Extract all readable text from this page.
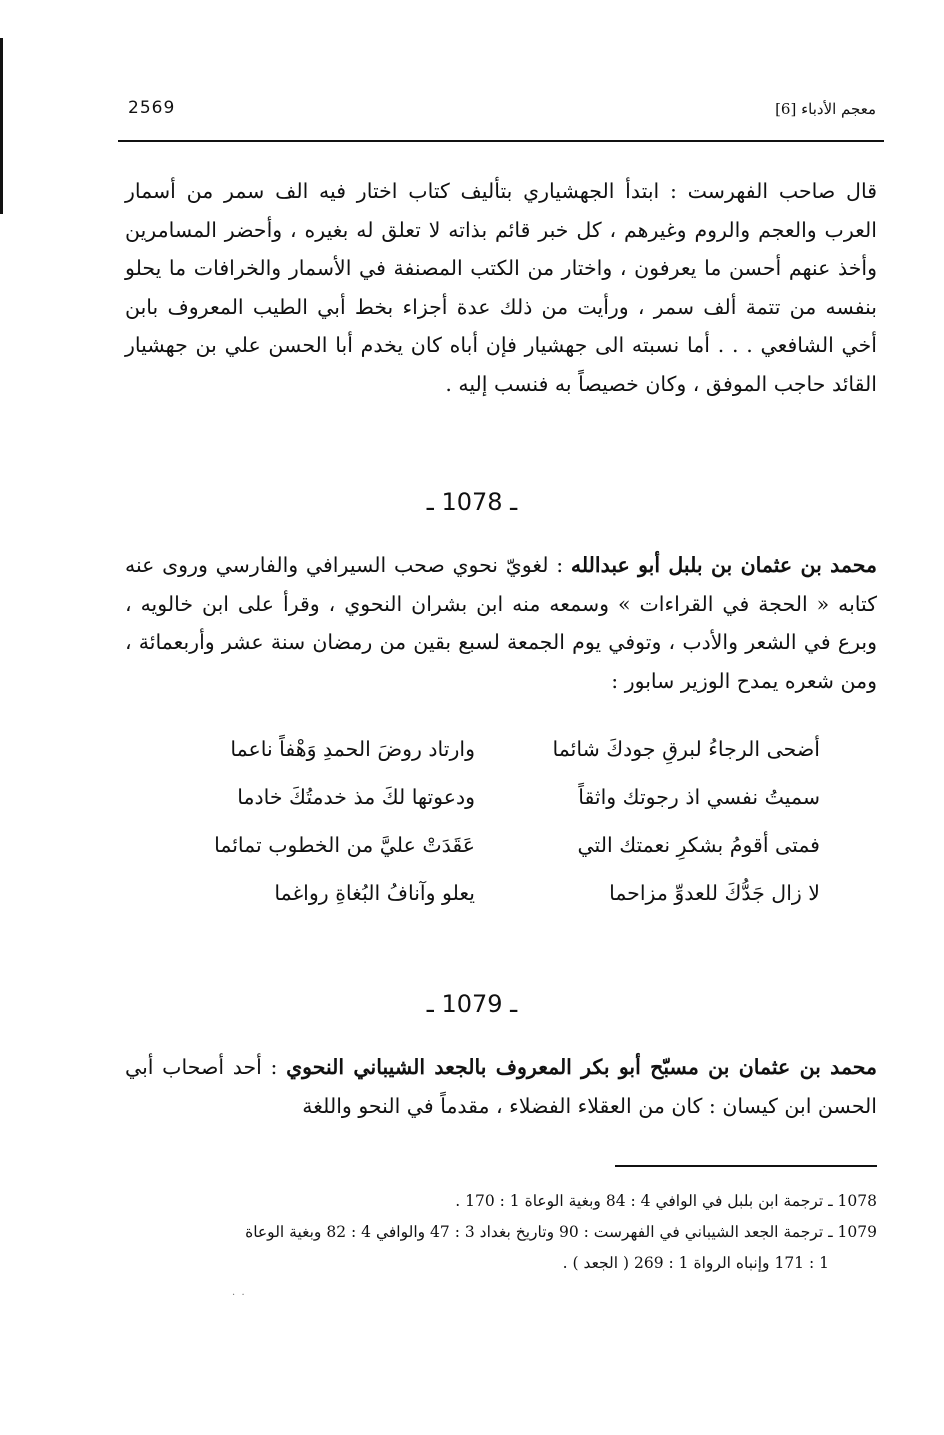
2569	معجم الأدباء [6]

قال صاحب الفهرست : ابتدأ الجهشياري بتأليف كتاب اختار فيه الف سمر من أسمار العرب والعجم والروم وغيرهم ، كل خبر قائم بذاته لا تعلق له بغيره ، وأحضر المسامرين وأخذ عنهم أحسن ما يعرفون ، واختار من الكتب المصنفة في الأسمار والخرافات ما يحلو بنفسه من تتمة ألف سمر ، ورأيت من ذلك عدة أجزاء بخط أبي الطيب المعروف بابن أخي الشافعي . . . أما نسبته الى جهشيار فإن أباه كان يخدم أبا الحسن علي بن جهشيار القائد حاجب الموفق ، وكان خصيصاً به فنسب إليه .

ـ 1078 ـ

محمد بن عثمان بن بلبل أبو عبدالله : لغويّ نحوي صحب السيرافي والفارسي وروى عنه كتابه « الحجة في القراءات » وسمعه منه ابن بشران النحوي ، وقرأ على ابن خالويه ، وبرع في الشعر والأدب ، وتوفي يوم الجمعة لسبع بقين من رمضان سنة عشر وأربعمائة ، ومن شعره يمدح الوزير سابور :

أضحى الرجاءُ لبرقِ جودكَ شائما
وارتاد روضَ الحمدِ وَهْفاً ناعما
سميتُ نفسي اذ رجوتك واثقاً
ودعوتها لكَ مذ خدمتُكَ خادما
فمتى أقومُ بشكرِ نعمتك التي
عَقَدَتْ عليَّ من الخطوب تمائما
لا زال جَدُّكَ للعدوِّ مزاحما
يعلو وآنافُ البُغاةِ رواغما
ـ 1079 ـ

محمد بن عثمان بن مسبّح أبو بكر المعروف بالجعد الشيباني النحوي : أحد أصحاب أبي الحسن ابن كيسان : كان من العقلاء الفضلاء ، مقدماً في النحو واللغة

1078 ـ ترجمة ابن بلبل في الوافي 4 : 84 وبغية الوعاة 1 : 170 .
1079 ـ ترجمة الجعد الشيباني في الفهرست : 90 وتاريخ بغداد 3 : 47 والوافي 4 : 82 وبغية الوعاة
1 : 171 وإنباه الرواة 1 : 269 ( الجعد ) .
·  ·
